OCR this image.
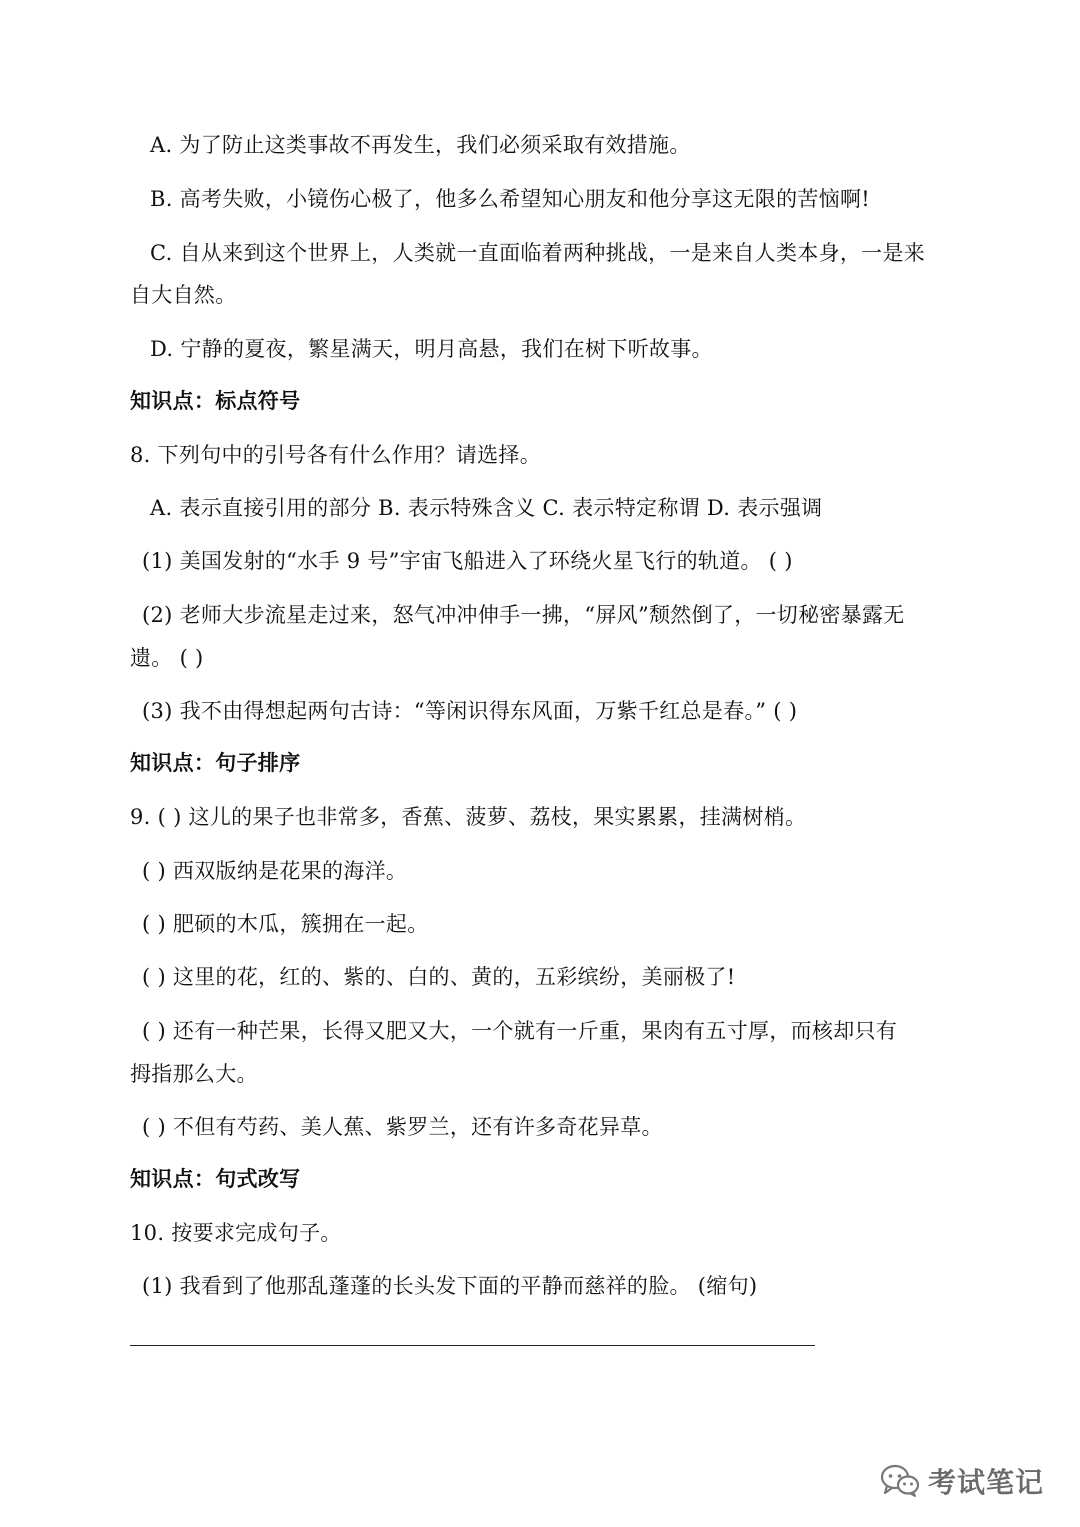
A. 为了防止这类事故不再发生，我们必须采取有效措施。
B. 高考失败，小镜伤心极了，他多么希望知心朋友和他分享这无限的苦恼啊!
C. 自从来到这个世界上，人类就一直面临着两种挑战，一是来自人类本身，一是来
自大自然。
D. 宁静的夏夜，繁星满天，明月高悬，我们在树下听故事。
知识点：标点符号
8. 下列句中的引号各有什么作用？请选择。
A. 表示直接引用的部分 B. 表示特殊含义 C. 表示特定称谓 D. 表示强调
(1) 美国发射的“水手 9 号”宇宙飞船进入了环绕火星飞行的轨道。 ( )
(2) 老师大步流星走过来，怒气冲冲伸手一拂，“屏风”颓然倒了，一切秘密暴露无
遗。 ( )
(3) 我不由得想起两句古诗：“等闲识得东风面，万紫千红总是春。” ( )
知识点：句子排序
9. ( ) 这儿的果子也非常多，香蕉、菠萝、荔枝，果实累累，挂满树梢。
( ) 西双版纳是花果的海洋。
( ) 肥硕的木瓜，簇拥在一起。
( ) 这里的花，红的、紫的、白的、黄的，五彩缤纷，美丽极了!
( ) 还有一种芒果，长得又肥又大，一个就有一斤重，果肉有五寸厚，而核却只有
拇指那么大。
( ) 不但有芍药、美人蕉、紫罗兰，还有许多奇花异草。
知识点：句式改写
10. 按要求完成句子。
(1) 我看到了他那乱蓬蓬的长头发下面的平静而慈祥的脸。 (缩句)
考试笔记
